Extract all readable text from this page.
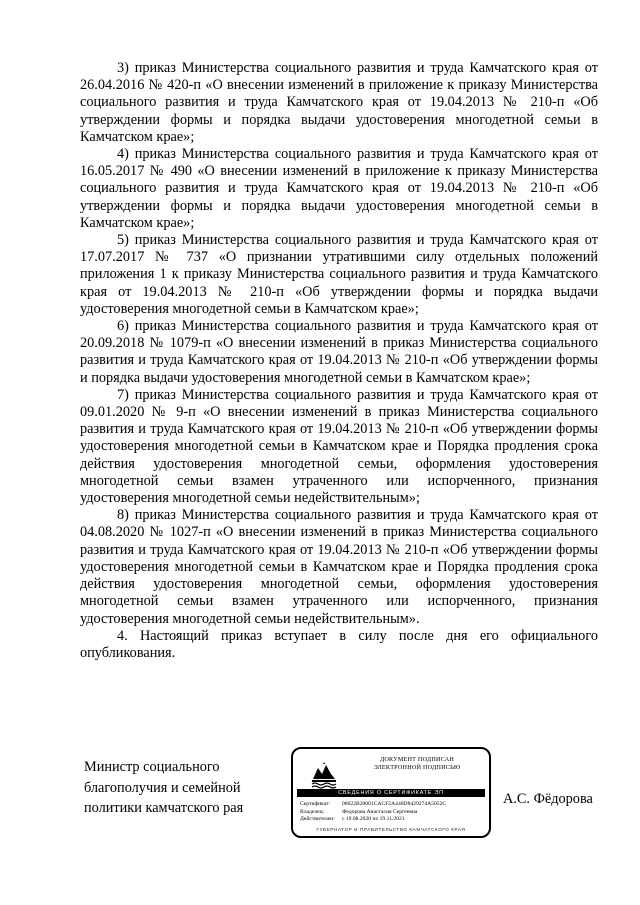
3) приказ Министерства социального развития и труда Камчатского края от 26.04.2016 № 420-п «О внесении изменений в приложение к приказу Министерства социального развития и труда Камчатского края от 19.04.2013 № 210-п «Об утверждении формы и порядка выдачи удостоверения многодетной семьи в Камчатском крае»;

4) приказ Министерства социального развития и труда Камчатского края от 16.05.2017 № 490 «О внесении изменений в приложение к приказу Министерства социального развития и труда Камчатского края от 19.04.2013 № 210-п «Об утверждении формы и порядка выдачи удостоверения многодетной семьи в Камчатском крае»;

5) приказ Министерства социального развития и труда Камчатского края от 17.07.2017 № 737 «О признании утратившими силу отдельных положений приложения 1 к приказу Министерства социального развития и труда Камчатского края от 19.04.2013 № 210-п «Об утверждении формы и порядка выдачи удостоверения многодетной семьи в Камчатском крае»;

6) приказ Министерства социального развития и труда Камчатского края от 20.09.2018 № 1079-п «О внесении изменений в приказ Министерства социального развития и труда Камчатского края от 19.04.2013 № 210-п «Об утверждении формы и порядка выдачи удостоверения многодетной семьи в Камчатском крае»;

7) приказ Министерства социального развития и труда Камчатского края от 09.01.2020 № 9-п «О внесении изменений в приказ Министерства социального развития и труда Камчатского края от 19.04.2013 № 210-п «Об утверждении формы удостоверения многодетной семьи в Камчатском крае и Порядка продления срока действия удостоверения многодетной семьи, оформления удостоверения многодетной семьи взамен утраченного или испорченного, признания удостоверения многодетной семьи недействительным»;

8) приказ Министерства социального развития и труда Камчатского края от 04.08.2020 № 1027-п «О внесении изменений в приказ Министерства социального развития и труда Камчатского края от 19.04.2013 № 210-п «Об утверждении формы удостоверения многодетной семьи в Камчатском крае и Порядка продления срока действия удостоверения многодетной семьи, оформления удостоверения многодетной семьи взамен утраченного или испорченного, признания удостоверения многодетной семьи недействительным».

4. Настоящий приказ вступает в силу после дня его официального опубликования.

Министр социального
благополучия и семейной
политики камчатского рая
ДОКУМЕНТ ПОДПИСАН
ЭЛЕКТРОННОЙ ПОДПИСЬЮ
СВЕДЕНИЯ О СЕРТИФИКАТЕ ЭП
Сертификат:	08622B20001CACF2A440D8429274A5052C
Владелец:	Федорова Анастасия Сергеевна
Действителен:	с 19.08.2020 по 19.11.2021
ГУБЕРНАТОР И ПРАВИТЕЛЬСТВО КАМЧАТСКОГО КРАЯ
А.С. Фёдорова
